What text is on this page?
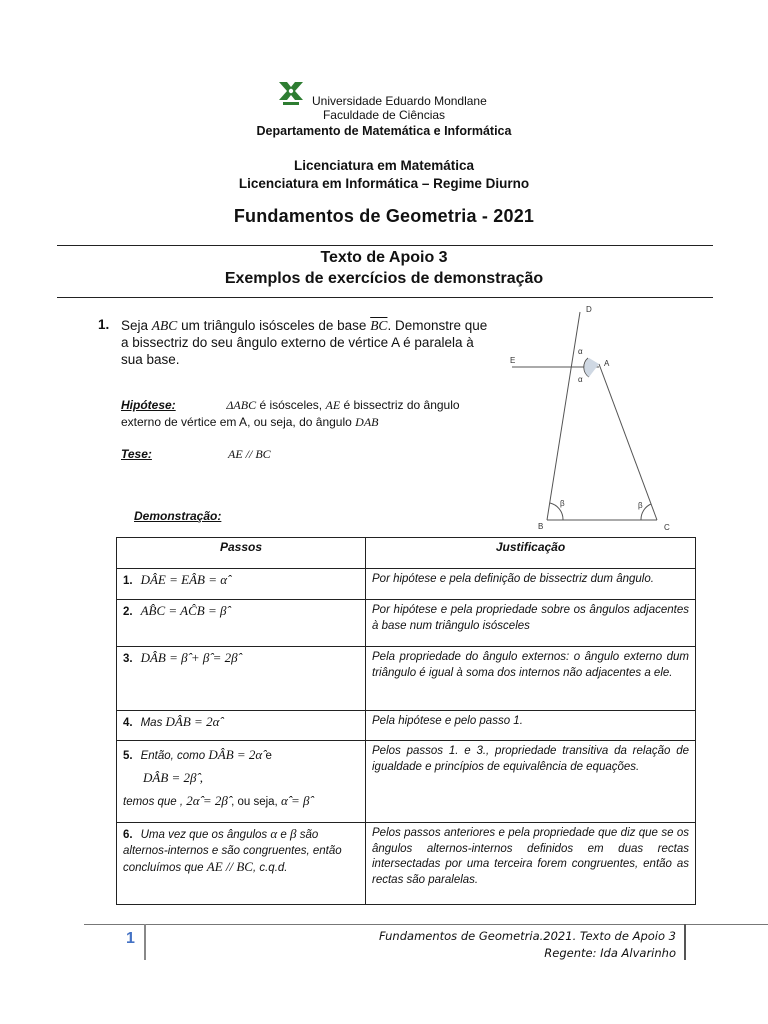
Universidade Eduardo Mondlane
Faculdade de Ciências
Departamento de Matemática e Informática
Licenciatura em Matemática
Licenciatura em Informática – Regime Diurno
Fundamentos de Geometria - 2021
Texto de Apoio 3
Exemplos de exercícios de demonstração
1. Seja ABC um triângulo isósceles de base $\overline{BC}$. Demonstre que a bissectriz do seu ângulo externo de vértice A é paralela à sua base.
Hipótese:	ΔABC é isósceles, AE é bissectriz do ângulo externo de vértice em A, ou seja, do ângulo DAB
Tese:	AE // BC
Demonstração:
D
E	A
B	C
α
α
β	β
Passos	Justificação
1. DÂE = EÂB = α̂	Por hipótese e pela definição de bissectriz dum ângulo.
2. AB̂C = AĈB = β̂	Por hipótese e pela propriedade sobre os ângulos adjacentes à base num triângulo isósceles
3. DÂB = β̂ + β̂ = 2β̂	Pela propriedade do ângulo externos: o ângulo externo dum triângulo é igual à soma dos internos não adjacentes a ele.
4. Mas DÂB = 2α̂	Pela hipótese e pelo passo 1.
5. Então, como DÂB = 2α̂ e
DÂB = 2β̂ ,
temos que , 2α̂ = 2β̂ , ou seja, α̂ = β̂	Pelos passos 1. e 3., propriedade transitiva da relação de igualdade e princípios de equivalência de equações.
6. Uma vez que os ângulos α e β são alternos-internos e são congruentes, então concluímos que AE // BC, c.q.d.	Pelos passos anteriores e pela propriedade que diz que se os ângulos alternos-internos definidos em duas rectas intersectadas por uma terceira forem congruentes, então as rectas são paralelas.
1	Fundamentos de Geometria.2021. Texto de Apoio 3
Regente: Ida Alvarinho
